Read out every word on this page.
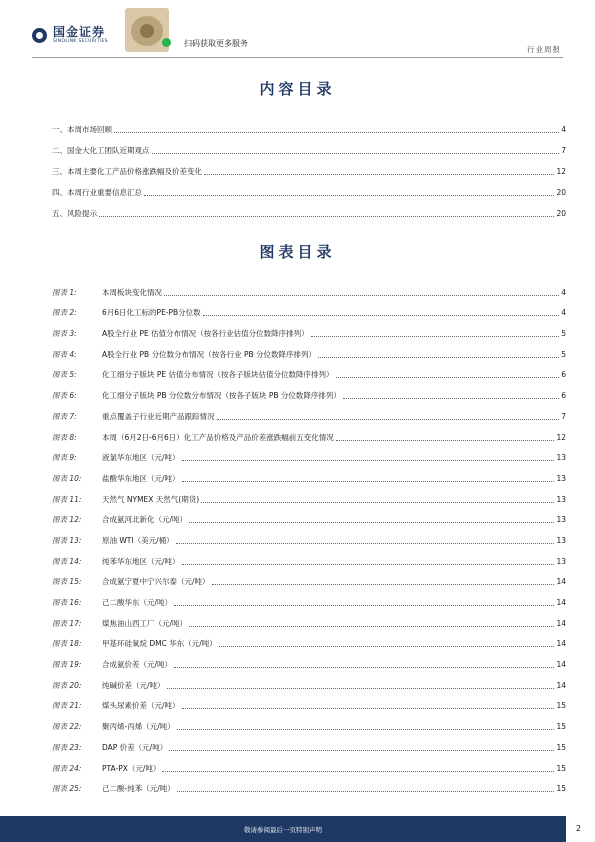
国金证券
SINOLINK SECURITIES	扫码获取更多服务
行业周报
内容目录
一、本周市场回顾	4
二、国金大化工团队近期观点	7
三、本周主要化工产品价格涨跌幅及价差变化	12
四、本周行业重要信息汇总	20
五、风险提示	20
图表目录
图表 1:	本周板块变化情况	4
图表 2:	6月6日化工标的PE-PB分位数	4
图表 3:	A股全行业 PE 估值分布情况（按各行业估值分位数降序排列）	5
图表 4:	A股全行业 PB 分位数分布情况（按各行业 PB 分位数降序排列）	5
图表 5:	化工细分子版块 PE 估值分布情况（按各子版块估值分位数降序排列）	6
图表 6:	化工细分子版块 PB 分位数分布情况（按各子版块 PB 分位数降序排列）	6
图表 7:	重点覆盖子行业近期产品跟踪情况	7
图表 8:	本周（6月2日-6月6日）化工产品价格及产品价差涨跌幅前五变化情况	12
图表 9:	液氯华东地区（元/吨）	13
图表 10:	盐酸华东地区（元/吨）	13
图表 11:	天然气 NYMEX 天然气(期货)	13
图表 12:	合成氨河北新化（元/吨）	13
图表 13:	原油 WTI（美元/桶）	13
图表 14:	纯苯华东地区（元/吨）	13
图表 15:	合成氨宁夏中宁兴尔泰（元/吨）	14
图表 16:	己二酸华东（元/吨）	14
图表 17:	煤焦油山西工厂（元/吨）	14
图表 18:	甲基环硅氧烷 DMC 华东（元/吨）	14
图表 19:	合成氨价差（元/吨）	14
图表 20:	纯碱价差（元/吨）	14
图表 21:	煤头尿素价差（元/吨）	15
图表 22:	聚丙烯-丙烯（元/吨）	15
图表 23:	DAP 价差（元/吨）	15
图表 24:	PTA-PX（元/吨）	15
图表 25:	己二酸-纯苯（元/吨）	15
敬请参阅最后一页特别声明	2
